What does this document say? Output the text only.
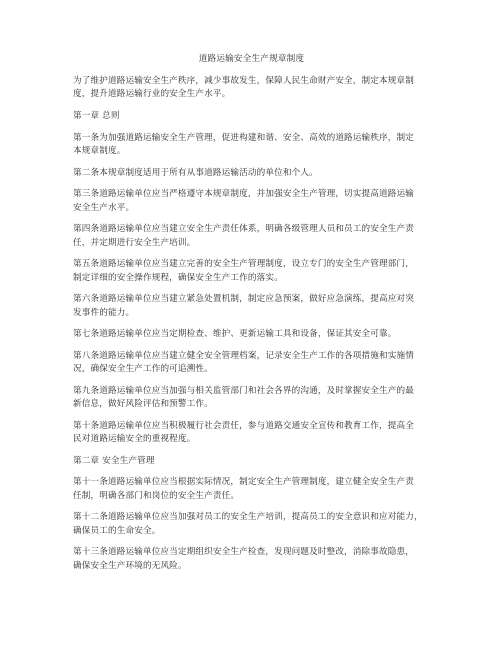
道路运输安全生产规章制度
为了维护道路运输安全生产秩序，减少事故发生，保障人民生命财产安全，制定本规章制
度，提升道路运输行业的安全生产水平。
第一章 总则
第一条为加强道路运输安全生产管理，促进构建和谐、安全、高效的道路运输秩序，制定
本规章制度。
第二条本规章制度适用于所有从事道路运输活动的单位和个人。
第三条道路运输单位应当严格遵守本规章制度，并加强安全生产管理，切实提高道路运输
安全生产水平。
第四条道路运输单位应当建立安全生产责任体系，明确各级管理人员和员工的安全生产责
任，并定期进行安全生产培训。
第五条道路运输单位应当建立完善的安全生产管理制度，设立专门的安全生产管理部门，
制定详细的安全操作规程，确保安全生产工作的落实。
第六条道路运输单位应当建立紧急处置机制，制定应急预案，做好应急演练，提高应对突
发事件的能力。
第七条道路运输单位应当定期检查、维护、更新运输工具和设备，保证其安全可靠。
第八条道路运输单位应当建立健全安全管理档案，记录安全生产工作的各项措施和实施情
况，确保安全生产工作的可追溯性。
第九条道路运输单位应当加强与相关监管部门和社会各界的沟通，及时掌握安全生产的最
新信息，做好风险评估和预警工作。
第十条道路运输单位应当积极履行社会责任，参与道路交通安全宣传和教育工作，提高全
民对道路运输安全的重视程度。
第二章 安全生产管理
第十一条道路运输单位应当根据实际情况，制定安全生产管理制度，建立健全安全生产责
任制，明确各部门和岗位的安全生产责任。
第十二条道路运输单位应当加强对员工的安全生产培训，提高员工的安全意识和应对能力，
确保员工的生命安全。
第十三条道路运输单位应当定期组织安全生产检查，发现问题及时整改，消除事故隐患，
确保安全生产环境的无风险。
